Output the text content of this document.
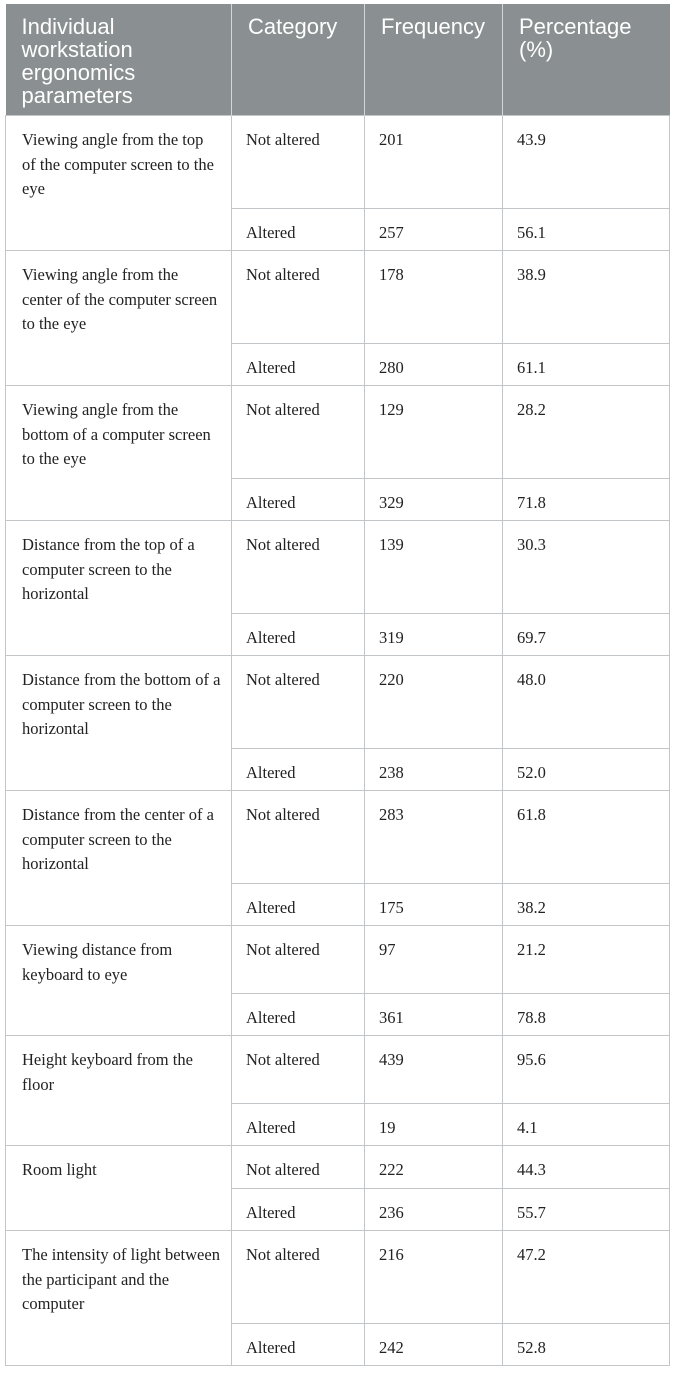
Individual workstation ergonomics parameters	Category	Frequency	Percentage (%)
Viewing angle from the top of the computer screen to the eye	Not altered	201	43.9
	Altered	257	56.1
Viewing angle from the center of the computer screen to the eye	Not altered	178	38.9
	Altered	280	61.1
Viewing angle from the bottom of a computer screen to the eye	Not altered	129	28.2
	Altered	329	71.8
Distance from the top of a computer screen to the horizontal	Not altered	139	30.3
	Altered	319	69.7
Distance from the bottom of a computer screen to the horizontal	Not altered	220	48.0
	Altered	238	52.0
Distance from the center of a computer screen to the horizontal	Not altered	283	61.8
	Altered	175	38.2
Viewing distance from keyboard to eye	Not altered	97	21.2
	Altered	361	78.8
Height keyboard from the floor	Not altered	439	95.6
	Altered	19	4.1
Room light	Not altered	222	44.3
	Altered	236	55.7
The intensity of light between the participant and the computer	Not altered	216	47.2
	Altered	242	52.8
